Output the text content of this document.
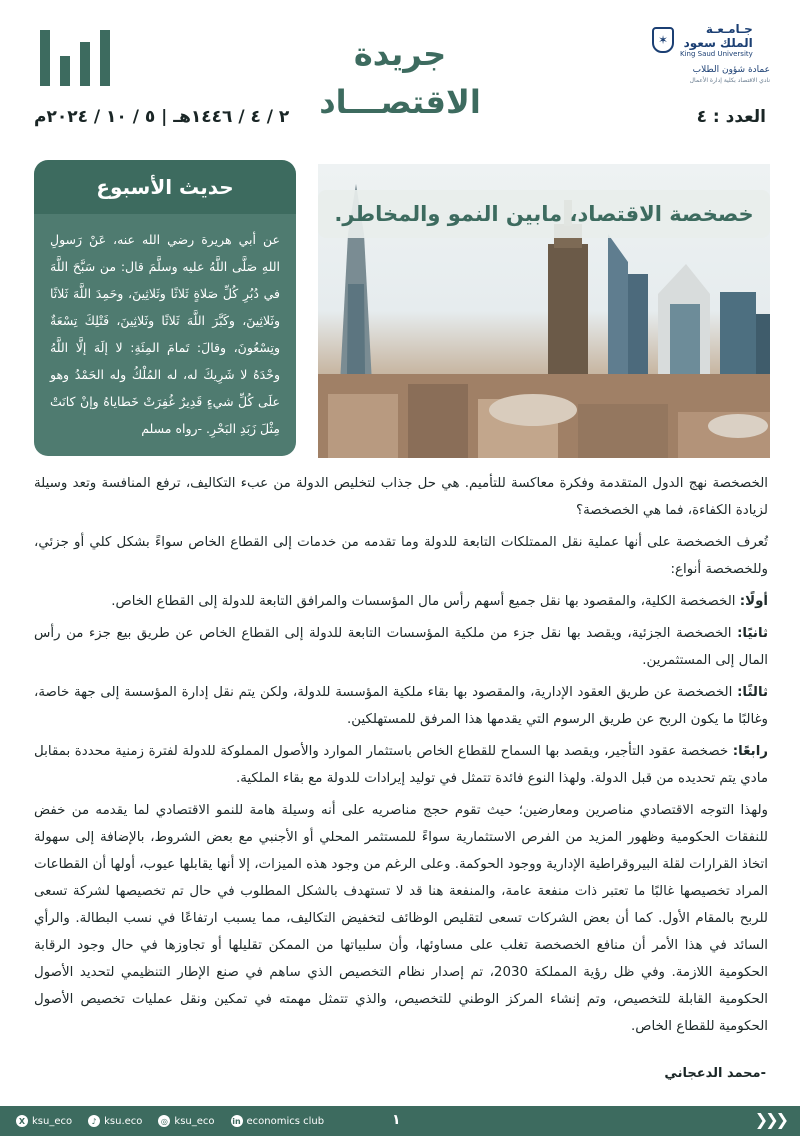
جريدة الاقتصـــاد
جـامـعـة
الملك سعود
King Saud University
✶
عمادة شؤون الطلاب
نادي الاقتصاد بكلية إدارة الأعمال
٢ / ٤ / ١٤٤٦هـ | ٥ / ١٠ / ٢٠٢٤م	العدد : ٤
حديث الأسبوع
عن أبي هريرة رضي الله عنه، عَنْ رَسولِ اللهِ صَلَّى اللَّهُ عليه وسلَّمَ قال: من سَبَّحَ اللَّهَ في دُبُرِ كُلِّ صَلاةٍ ثَلاثًا وثَلاثِينَ، وحَمِدَ اللَّهَ ثَلاثًا وثَلاثِينَ، وكَبَّرَ اللَّهَ ثَلاثًا وثَلاثِينَ، فَتْلِكَ تِسْعَةٌ وتِسْعُونَ، وقالَ: تَمامَ المِئَةِ: لا إلَهَ إلَّا اللَّهُ وحْدَهُ لا شَرِيكَ له، له المُلْكُ وله الحَمْدُ وهو علَى كُلِّ شيءٍ قَدِيرٌ غُفِرَتْ خَطاياهُ وإنْ كانَتْ مِثْلَ زَبَدِ البَحْرِ. -رواه مسلم
خصخصة الاقتصاد، مابين النمو والمخاطر.

الخصخصة نهج الدول المتقدمة وفكرة معاكسة للتأميم. هي حل جذاب لتخليص الدولة من عبء التكاليف، ترفع المنافسة وتعد وسيلة لزيادة الكفاءة، فما هي الخصخصة؟

تُعرف الخصخصة على أنها عملية نقل الممتلكات التابعة للدولة وما تقدمه من خدمات إلى القطاع الخاص سواءً بشكل كلي أو جزئي، وللخصخصة أنواع:

أولًا: الخصخصة الكلية، والمقصود بها نقل جميع أسهم رأس مال المؤسسات والمرافق التابعة للدولة إلى القطاع الخاص.

ثانيًا: الخصخصة الجزئية، ويقصد بها نقل جزء من ملكية المؤسسات التابعة للدولة إلى القطاع الخاص عن طريق بيع جزء من رأس المال إلى المستثمرين.

ثالثًا: الخصخصة عن طريق العقود الإدارية، والمقصود بها بقاء ملكية المؤسسة للدولة، ولكن يتم نقل إدارة المؤسسة إلى جهة خاصة، وغالبًا ما يكون الربح عن طريق الرسوم التي يقدمها هذا المرفق للمستهلكين.

رابعًا: خصخصة عقود التأجير، ويقصد بها السماح للقطاع الخاص باستثمار الموارد والأصول المملوكة للدولة لفترة زمنية محددة بمقابل مادي يتم تحديده من قبل الدولة. ولهذا النوع فائدة تتمثل في توليد إيرادات للدولة مع بقاء الملكية.

ولهذا التوجه الاقتصادي مناصرين ومعارضين؛ حيث تقوم حجج مناصريه على أنه وسيلة هامة للنمو الاقتصادي لما يقدمه من خفض للنفقات الحكومية وظهور المزيد من الفرص الاستثمارية سواءً للمستثمر المحلي أو الأجنبي مع بعض الشروط، بالإضافة إلى سهولة اتخاذ القرارات لقلة البيروقراطية الإدارية ووجود الحوكمة. وعلى الرغم من وجود هذه الميزات، إلا أنها يقابلها عيوب، أولها أن القطاعات المراد تخصيصها غالبًا ما تعتبر ذات منفعة عامة، والمنفعة هنا قد لا تستهدف بالشكل المطلوب في حال تم تخصيصها لشركة تسعى للربح بالمقام الأول. كما أن بعض الشركات تسعى لتقليص الوظائف لتخفيض التكاليف، مما يسبب ارتفاعًا في نسب البطالة. والرأي السائد في هذا الأمر أن منافع الخصخصة تغلب على مساوئها، وأن سلبياتها من الممكن تقليلها أو تجاوزها في حال وجود الرقابة الحكومية اللازمة. وفي ظل رؤية المملكة 2030، تم إصدار نظام التخصيص الذي ساهم في صنع الإطار التنظيمي لتحديد الأصول الحكومية القابلة للتخصيص، وتم إنشاء المركز الوطني للتخصيص، والذي تتمثل مهمته في تمكين ونقل عمليات تخصيص الأصول الحكومية للقطاع الخاص.

-محمد الدعجاني
X ksu_eco	♪ ksu.eco	◎ ksu_eco in economics club	١	❯❯❯
